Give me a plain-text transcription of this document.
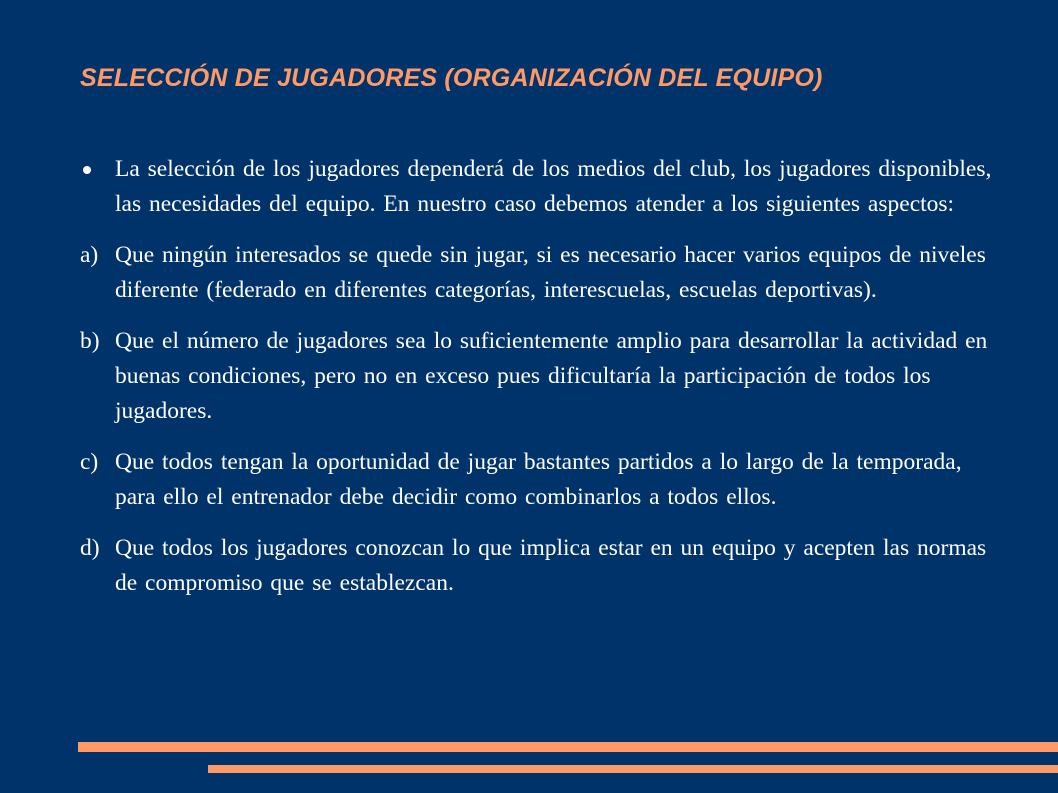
SELECCIÓN DE JUGADORES (ORGANIZACIÓN DEL EQUIPO)
La selección de los jugadores dependerá de los medios del club, los jugadores disponibles, las necesidades del equipo. En nuestro caso debemos atender a los siguientes aspectos:
a) Que ningún interesados se quede sin jugar, si es necesario hacer varios equipos de niveles diferente (federado en diferentes categorías, interescuelas, escuelas deportivas).
b) Que el número de jugadores sea lo suficientemente amplio para desarrollar la actividad en buenas condiciones, pero no en exceso pues dificultaría la participación de todos los jugadores.
c) Que todos tengan la oportunidad de jugar bastantes partidos a lo largo de la temporada, para ello el entrenador debe decidir como combinarlos a todos ellos.
d) Que todos los jugadores conozcan lo que implica estar en un equipo y acepten las normas de compromiso que se establezcan.
